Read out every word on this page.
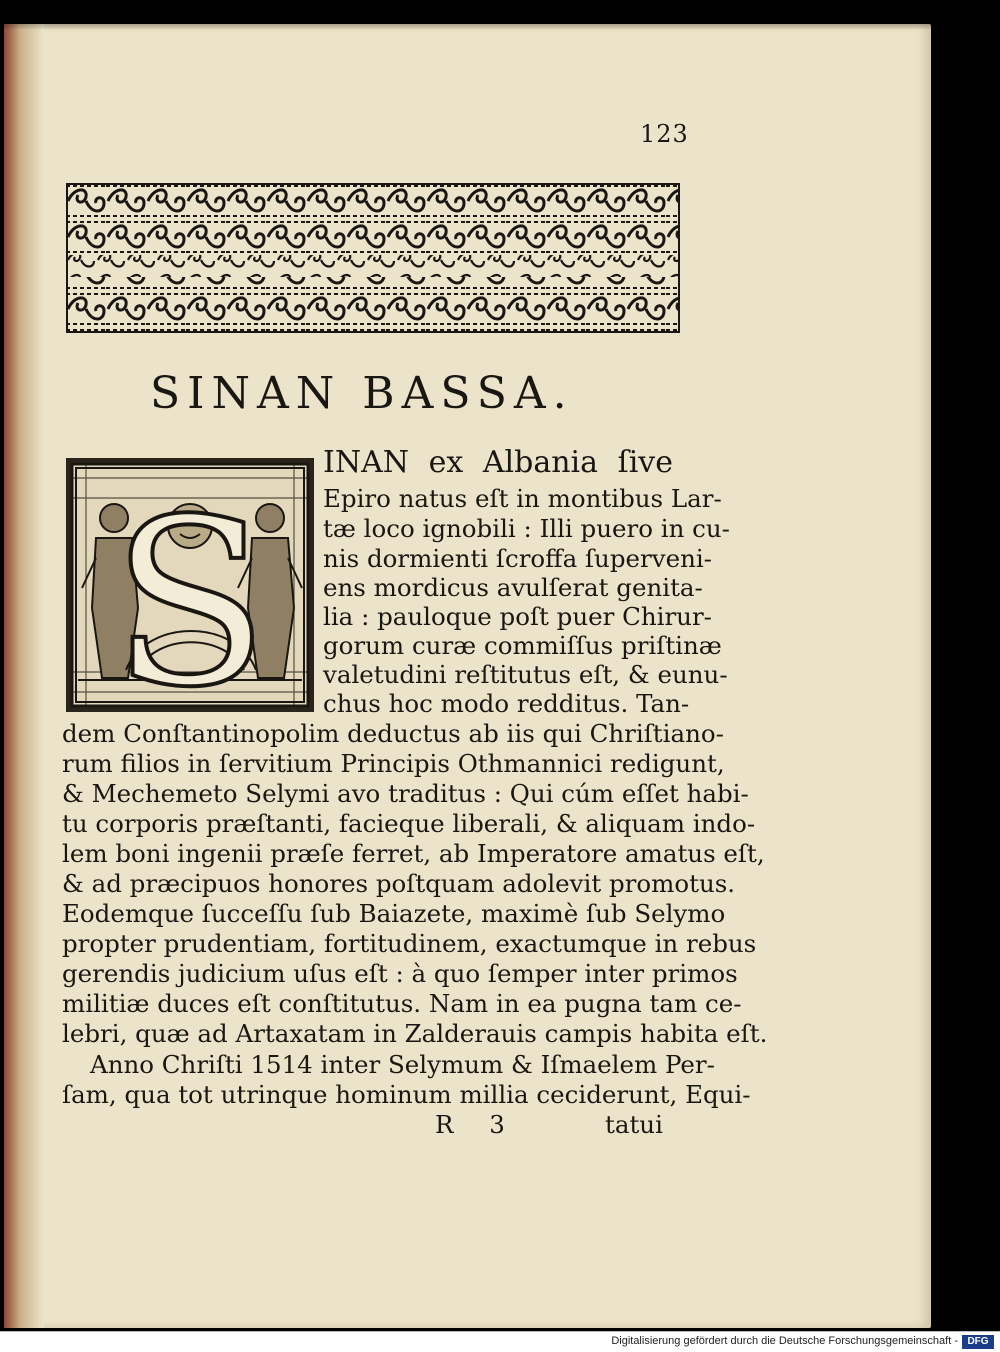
123
SINAN BASSA.
S
INAN ex Albania ſive
Epiro natus eſt in montibus Lar-
tæ loco ignobili : Illi puero in cu-
nis dormienti ſcroffa ſuperveni-
ens mordicus avulſerat genita-
lia : pauloque poſt puer Chirur-
gorum curæ commiſſus priſtinæ
valetudini reſtitutus eſt, & eunu-
chus hoc modo redditus. Tan-
dem Conſtantinopolim deductus ab iis qui Chriſtiano-
rum filios in ſervitium Principis Othmannici redigunt,
& Mechemeto Selymi avo traditus : Qui cúm eſſet habi-
tu corporis præſtanti, facieque liberali, & aliquam indo-
lem boni ingenii præſe ferret, ab Imperatore amatus eſt,
& ad præcipuos honores poſtquam adolevit promotus.
Eodemque ſucceſſu ſub Baiazete, maximè ſub Selymo
propter prudentiam, fortitudinem, exactumque in rebus
gerendis judicium uſus eſt : à quo ſemper inter primos
militiæ duces eſt conſtitutus. Nam in ea pugna tam ce-
lebri, quæ ad Artaxatam in Zalderauis campis habita eſt.
Anno Chriſti 1514 inter Selymum & Iſmaelem Per-
ſam, qua tot utrinque hominum millia ceciderunt, Equi-
R 3	tatui
Digitalisierung gefördert durch die Deutsche Forschungsgemeinschaft - DFG
